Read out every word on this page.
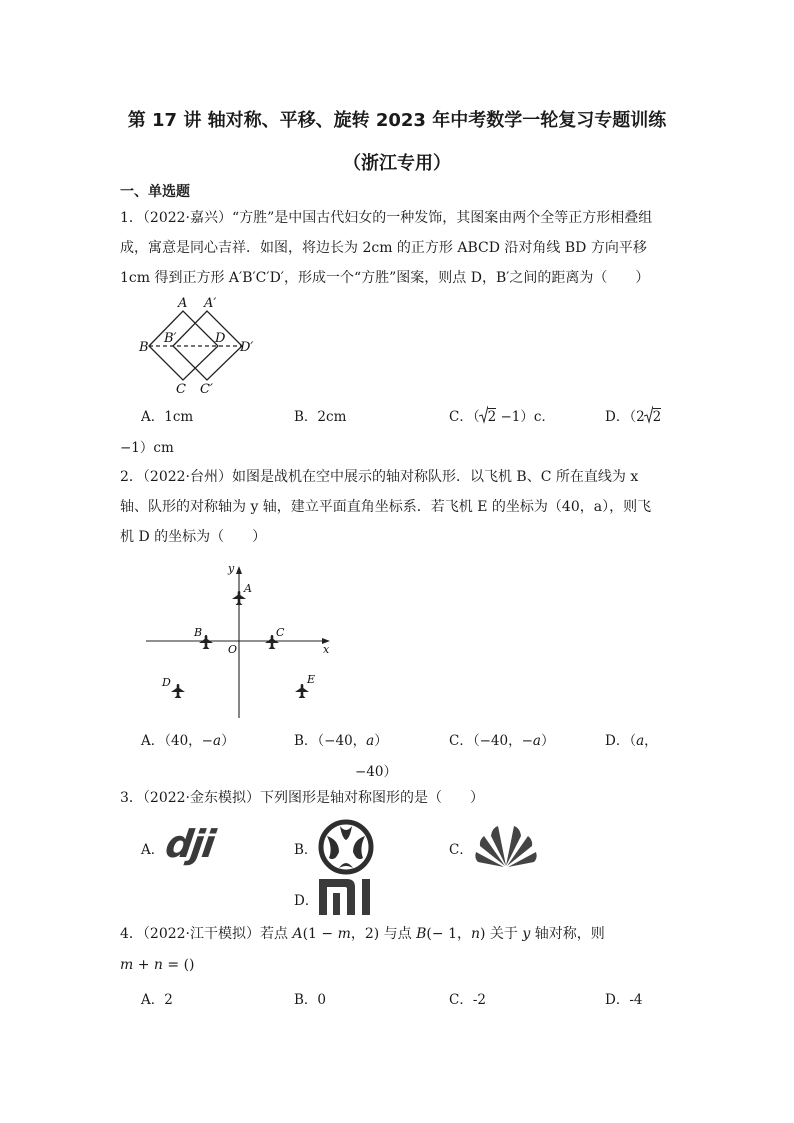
第 17 讲 轴对称、平移、旋转 2023 年中考数学一轮复习专题训练
（浙江专用）
一、单选题
1．（2022·嘉兴）“方胜”是中国古代妇女的一种发饰，其图案由两个全等正方形相叠组
成，寓意是同心吉祥．如图，将边长为 2cm 的正方形 ABCD 沿对角线 BD 方向平移
1cm 得到正方形 A′B′C′D′，形成一个“方胜”图案，则点 D，B′之间的距离为（　　）
A A′
B
B′	D
D′
C C′
A．1cm	B．2cm	C．（ 2 −1）c．	D．（2 2
−1）cm
2．（2022·台州）如图是战机在空中展示的轴对称队形．以飞机 B、C 所在直线为 x
轴、队形的对称轴为 y 轴，建立平面直角坐标系．若飞机 E 的坐标为（40，a），则飞
机 D 的坐标为（　　）
y
x
O
A
B	C
D	E
A．（40，−a）	B．（−40，a）	C．（−40，−a）	D．（a，
−40）
3．（2022·金东模拟）下列图形是轴对称图形的是（　　）
A．
dji	B．	C．
D．
4．（2022·江干模拟）若点 A(1 − m，2) 与点 B(− 1，n) 关于 y 轴对称，则
m + n = ()
A．2	B．0	C．-2	D．-4
